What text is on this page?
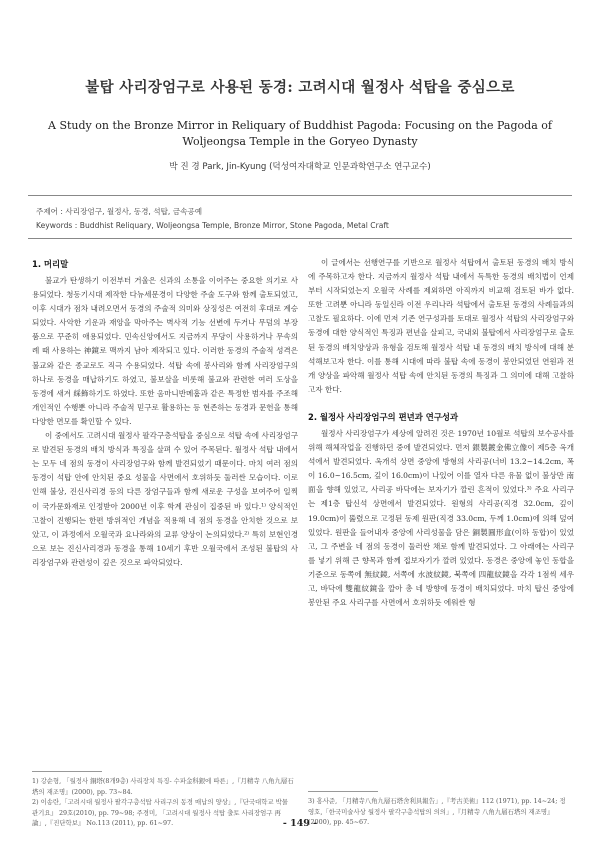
불탑 사리장엄구로 사용된 동경: 고려시대 월정사 석탑을 중심으로
A Study on the Bronze Mirror in Reliquary of Buddhist Pagoda: Focusing on the Pagoda of Woljeongsa Temple in the Goryeo Dynasty
박 진 경 Park, Jin-Kyung (덕성여자대학교 인문과학연구소 연구교수)
주제어 : 사리장엄구, 월정사, 동경, 석탑, 금속공예
Keywords : Buddhist Reliquary, Woljeongsa Temple, Bronze Mirror, Stone Pagoda, Metal Craft
1. 머리말

불교가 탄생하기 이전부터 거울은 신과의 소통을 이어주는 중요한 의기로 사용되었다. 청동기시대 제작한 다뉴세문경이 다양한 주술 도구와 함께 출토되었고, 이후 시대가 점차 내려오면서 동경의 주술적 의미와 상징성은 여전히 후대로 계승되었다. 사악한 기운과 재앙을 막아주는 벽사적 기능 선변에 두거나 무덤의 부장품으로 꾸준히 애용되었다. 민속신앙에서도 지금까지 무당이 사용하거나 무속의례 때 사용하는 神鏡로 맥까지 남아 제작되고 있다. 이러한 동경의 주술적 성격은 불교와 같은 종교로도 직극 수용되었다. 석탑 속에 봉사리와 함께 사리장엄구의 하나로 동경을 매납하기도 하였고, 불보살을 비롯해 불교와 관련한 여러 도상을 동경에 새겨 綵飾하기도 하였다. 또한 옴마니반메훔과 같은 특정한 범자를 주조해 개인적인 수행뿐 아니라 주술적 믿구로 활용하는 등 현존하는 동경과 문헌을 통해 다양한 면모를 확인할 수 있다.

이 중에서도 고려시대 월정사 팔각구층석탑을 중심으로 석탑 속에 사리장엄구로 발견된 동경의 배치 방식과 특징을 살펴 수 있어 주목된다. 월정사 석탑 내에서는 모두 네 점의 동경이 사리장엄구와 함께 발견되었기 때문이다. 마치 여러 점의 동경이 석탑 안에 안치된 중요 성물을 사면에서 호위하듯 둘러싼 모습이다. 이로 인해 불상, 진신사리경 등의 다른 장엄구들과 함께 새로운 구성을 보여주어 일찍이 국가문화재로 인정받아 2000년 이후 학계 관심이 집중된 바 있다.¹⁾ 양식적인 고찰이 진행되는 한편 방위적인 개념을 적용해 네 점의 동경을 안치한 것으로 보았고, 이 과정에서 오월국과 요나라와의 교류 양상이 논의되었다.²⁾ 특히 보현인경으로 보는 진신사리경과 동경을 통해 10세기 후반 오월국에서 조성된 불탑의 사리장엄구와 관련성이 깊은 것으로 파악되었다.

이 글에서는 선행연구를 기반으로 월정사 석탑에서 출토된 동경의 배치 방식에 주목하고자 한다. 지금까지 월정사 석탑 내에서 독특한 동경의 배치법이 언제부터 시작되었는지 오월국 사례를 제외하면 아직까지 비교해 검토된 바가 없다. 또한 고려뿐 아니라 동일신라 이전 우리나라 석탑에서 출토된 동경의 사례들과의 고찰도 필요하다. 이에 먼저 기존 연구성과를 토대로 월정사 석탑의 사리장엄구와 동경에 대한 양식적인 특징과 편년을 살피고, 국내외 불탑에서 사리장엄구로 출토된 동경의 배치양상과 유형을 검토해 월정사 석탑 내 동경의 배치 방식에 대해 분석해보고자 한다. 이를 통해 시대에 따라 불탑 속에 동경이 봉안되었던 연원과 전개 양상을 파악해 월정사 석탑 속에 안치된 동경의 특징과 그 의미에 대해 고찰하고자 한다.

2. 월정사 사리장엄구의 편년과 연구성과

월정사 사리장엄구가 세상에 알려진 것은 1970년 10월로 석탑의 보수공사를 위해 해체작업을 진행하던 중에 발견되었다. 먼저 銀製鍍金佛立像이 제5층 옥개석에서 발견되었다. 옥개석 상면 중앙에 방형의 사리공(너비 13.2~14.2cm, 폭이 16.0~16.5cm, 깊이 16.0cm)이 나있어 이를 열자 다른 유물 없이 불상만 南面을 향해 있었고, 사리공 바닥에는 보자기가 깔린 흔적이 있었다.³⁾ 주요 사리구는 제1층 탑신석 상면에서 발견되었다. 원형의 사리공(직경 32.0cm, 깊이 19.0cm)이 뚫렸으로 고정된 동제 원판(직경 33.0cm, 두께 1.0cm)에 의해 덮여 있었다. 원판을 들어내자 중앙에 사리성물을 담은 銅製圓形盒(이하 동합)이 있었고, 그 주변을 네 점의 동경이 둘러싼 채로 함께 발견되었다. 그 아래에는 사리구를 넣기 위해 큰 향목과 함께 접보자기가 깔려 있었다. 동경은 중앙에 놓인 동합을 기준으로 동쪽에 無紋鏡, 서쪽에 水波紋鏡, 북쪽에 四龍紋鏡을 각각 1점씩 세우고, 바닥에 雙龍紋鏡을 깔아 총 네 방향에 동경이 배치되었다. 마치 탑신 중앙에 봉안된 주요 사리구를 사면에서 호위하듯 에워싼 형

1) 강순형, 「월정사 銅塔(8개9층) 사리장치 특징- 수파金科銀에 따른」,『月精寺 八角九層石塔의 재조명』(2000), pp. 73~84.
2) 이송란,「고려시대 월정사 팔각구층석탑 사리구의 동경 매납의 양상」,『단국대학교 박물관기요』 29호(2010), pp. 79~98; 주경미, 「고려시대 월정사 석탑 출토 사리장엄구 再論」,『진단학보』 No.113 (2011), pp. 61~97.
3) 홍사준, 「月精寺八角九層石塔舍利具報告」,『考古美術』112 (1971), pp. 14~24; 정영호,「한국미술사상 월정사 팔각구층석탑의 의의」,『月精寺 八角九層石塔의 재조명』(2000), pp. 45~67.
- 149 -
